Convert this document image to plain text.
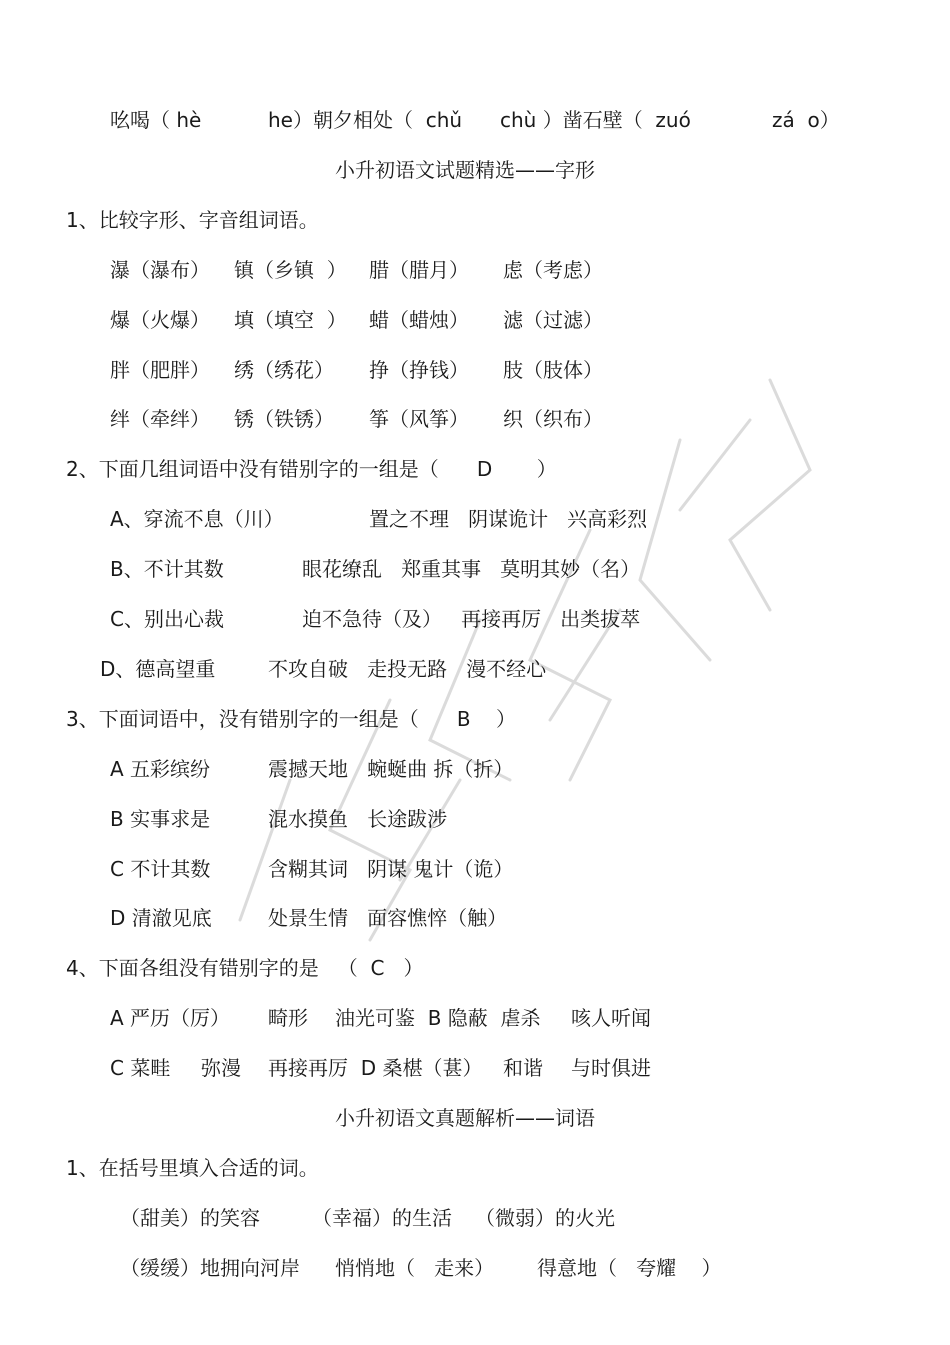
吆喝（ hè	he）朝夕相处（  chǔ chù ）凿石壁（  zuó	zá  o）
小升初语文试题精选——字形
1、比较字形、字音组词语。
瀑（瀑布） 镇（乡镇  ） 腊（腊月） 虑（考虑）
爆（火爆） 填（填空  ） 蜡（蜡烛） 滤（过滤）
胖（肥胖） 绣（绣花） 挣（挣钱） 肢（肢体）
绊（牵绊） 锈（铁锈） 筝（风筝） 织（织布）
2、下面几组词语中没有错别字的一组是（      D       ）
A、穿流不息（川）	置之不理   阴谋诡计   兴高彩烈
B、不计其数	眼花缭乱   郑重其事   莫明其妙（名）
C、别出心裁	迫不急待（及）   再接再厉   出类拔萃
D、德高望重	不攻自破   走投无路   漫不经心
3、下面词语中，没有错别字的一组是（      B    ）
A 五彩缤纷	震撼天地   蜿蜒曲 拆（折）
B 实事求是	混水摸鱼   长途跋涉
C 不计其数	含糊其词   阴谋 鬼计（诡）
D 清澈见底	处景生情   面容憔悴（触）
4、下面各组没有错别字的是   （  C   ）
A 严历（厉） 畸形 油光可鉴  B 隐蔽  虐杀 咳人听闻
C 菜畦 弥漫 再接再厉  D 桑椹（葚） 和谐 与时俱进
小升初语文真题解析——词语
1、在括号里填入合适的词。
（甜美）的笑容	（幸福）的生活 （微弱）的火光
（缓缓）地拥向河岸 悄悄地（   走来） 得意地（   夸耀    ）
